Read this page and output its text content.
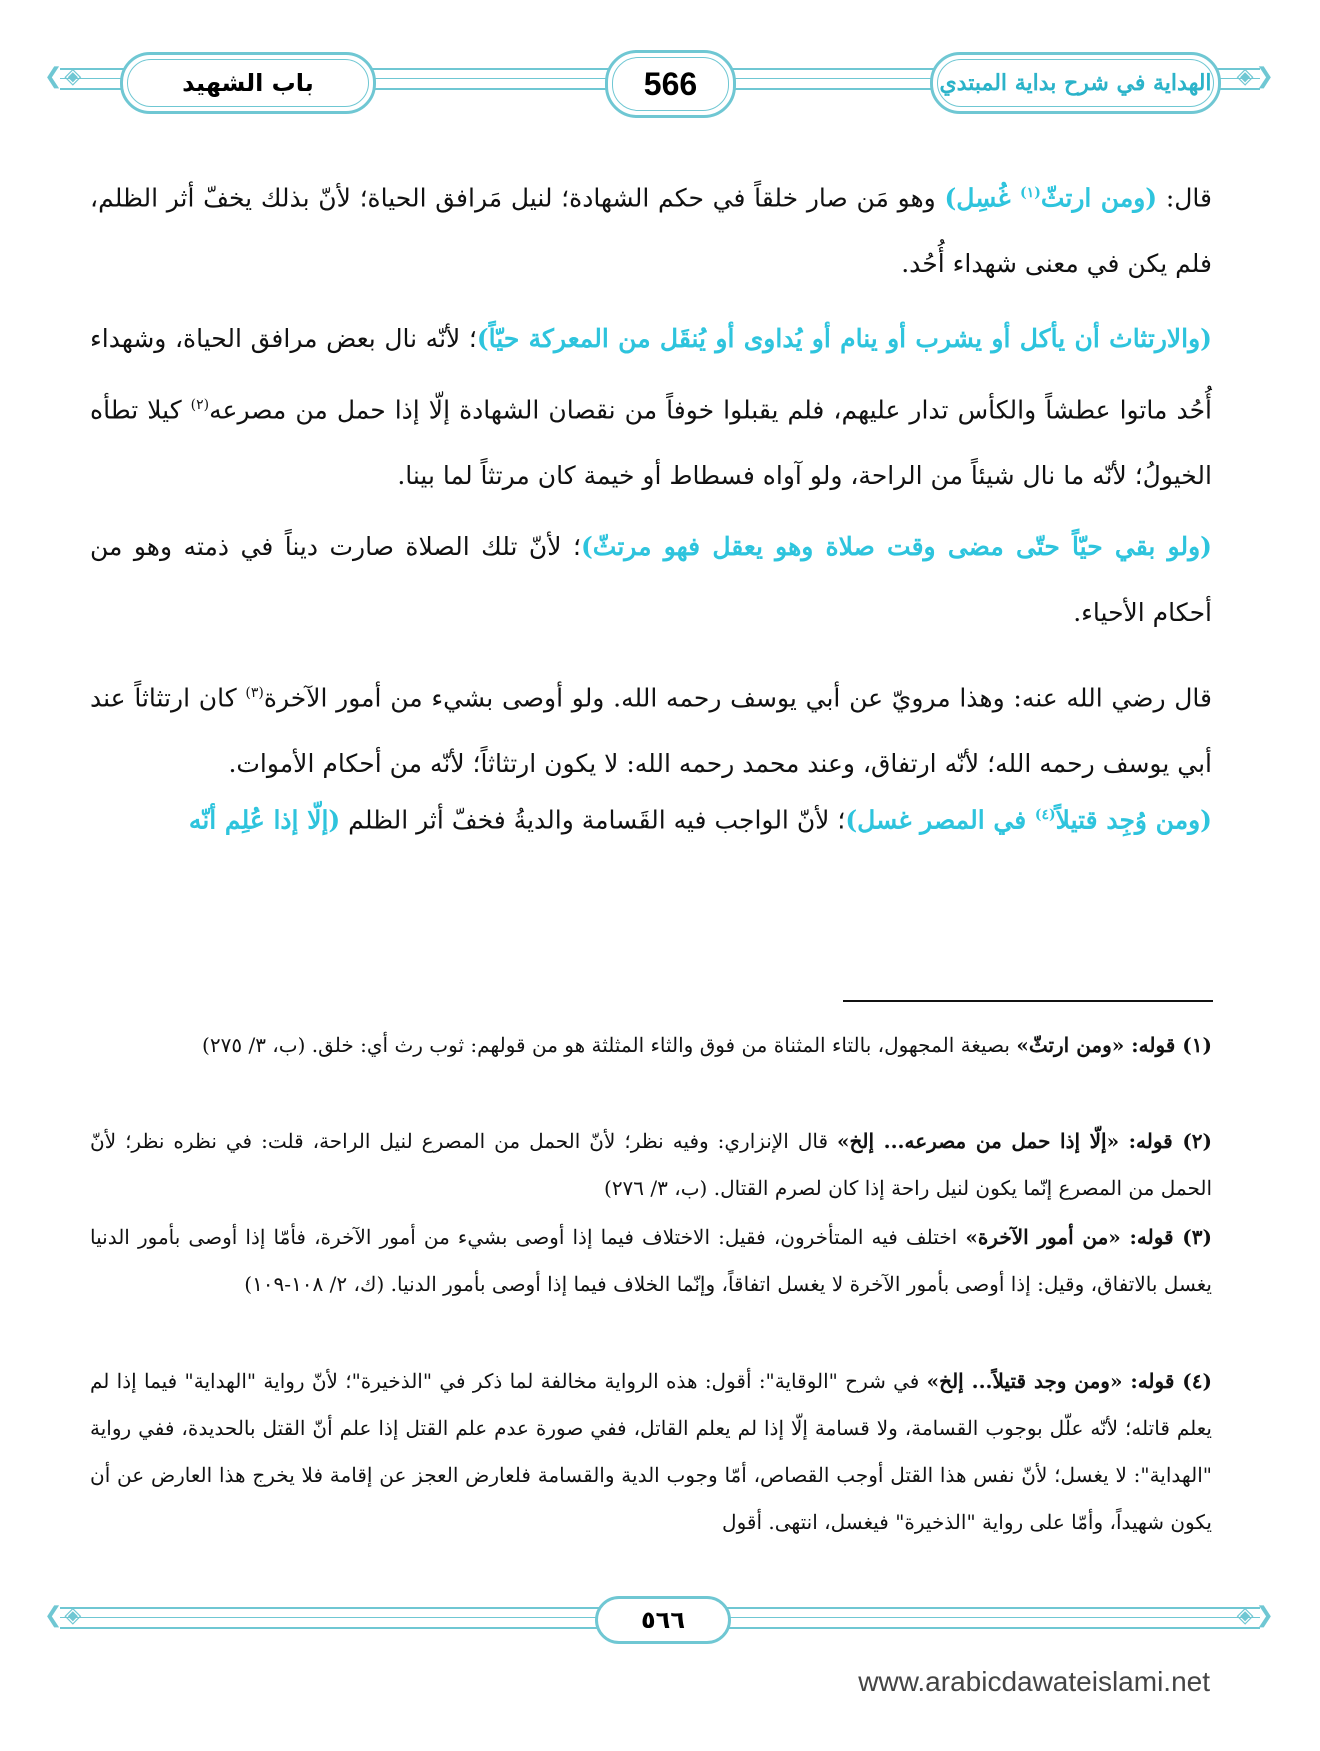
❮◈	◈❯
باب الشهيد	566	الهداية في شرح بداية المبتدي

قال: (ومن ارتثّ$^{(١)}$ غُسِل) وهو مَن صار خلقاً في حكم الشهادة؛ لنيل مَرافق الحياة؛ لأنّ بذلك يخفّ أثر الظلم، فلم يكن في معنى شهداء أُحُد.

(والارتثاث أن يأكل أو يشرب أو ينام أو يُداوى أو يُنقَل من المعركة حيّاً)؛ لأنّه نال بعض مرافق الحياة، وشهداء أُحُد ماتوا عطشاً والكأس تدار عليهم، فلم يقبلوا خوفاً من نقصان الشهادة إلّا إذا حمل من مصرعه$^{(٢)}$ كيلا تطأه الخيولُ؛ لأنّه ما نال شيئاً من الراحة، ولو آواه فسطاط أو خيمة كان مرتثاً لما بينا.

(ولو بقي حيّاً حتّى مضى وقت صلاة وهو يعقل فهو مرتثّ)؛ لأنّ تلك الصلاة صارت ديناً في ذمته وهو من أحكام الأحياء.

قال رضي الله عنه: وهذا مرويّ عن أبي يوسف رحمه الله. ولو أوصى بشيء من أمور الآخرة$^{(٣)}$ كان ارتثاثاً عند أبي يوسف رحمه الله؛ لأنّه ارتفاق، وعند محمد رحمه الله: لا يكون ارتثاثاً؛ لأنّه من أحكام الأموات.

(ومن وُجِد قتيلاً$^{(٤)}$ في المصر غسل)؛ لأنّ الواجب فيه القَسامة والديةُ فخفّ أثر الظلم (إلّا إذا عُلِم أنّه

(١) قوله: «ومن ارتثّ» بصيغة المجهول، بالتاء المثناة من فوق والثاء المثلثة هو من قولهم: ثوب رث أي: خلق. (ب، ٣/ ٢٧٥)

(٢) قوله: «إلّا إذا حمل من مصرعه... إلخ» قال الإنزاري: وفيه نظر؛ لأنّ الحمل من المصرع لنيل الراحة، قلت: في نظره نظر؛ لأنّ الحمل من المصرع إنّما يكون لنيل راحة إذا كان لصرم القتال. (ب، ٣/ ٢٧٦)

(٣) قوله: «من أمور الآخرة» اختلف فيه المتأخرون، فقيل: الاختلاف فيما إذا أوصى بشيء من أمور الآخرة، فأمّا إذا أوصى بأمور الدنيا يغسل بالاتفاق، وقيل: إذا أوصى بأمور الآخرة لا يغسل اتفاقاً، وإنّما الخلاف فيما إذا أوصى بأمور الدنيا. (ك، ٢/ ١٠٨-١٠٩)

(٤) قوله: «ومن وجد قتيلاً... إلخ» في شرح "الوقاية": أقول: هذه الرواية مخالفة لما ذكر في "الذخيرة"؛ لأنّ رواية "الهداية" فيما إذا لم يعلم قاتله؛ لأنّه علّل بوجوب القسامة، ولا قسامة إلّا إذا لم يعلم القاتل، ففي صورة عدم علم القتل إذا علم أنّ القتل بالحديدة، ففي رواية "الهداية": لا يغسل؛ لأنّ نفس هذا القتل أوجب القصاص، أمّا وجوب الدية والقسامة فلعارض العجز عن إقامة فلا يخرج هذا العارض عن أن يكون شهيداً، وأمّا على رواية "الذخيرة" فيغسل، انتهى. أقول

❮◈	◈❯
٥٦٦
www.arabicdawateislami.net
